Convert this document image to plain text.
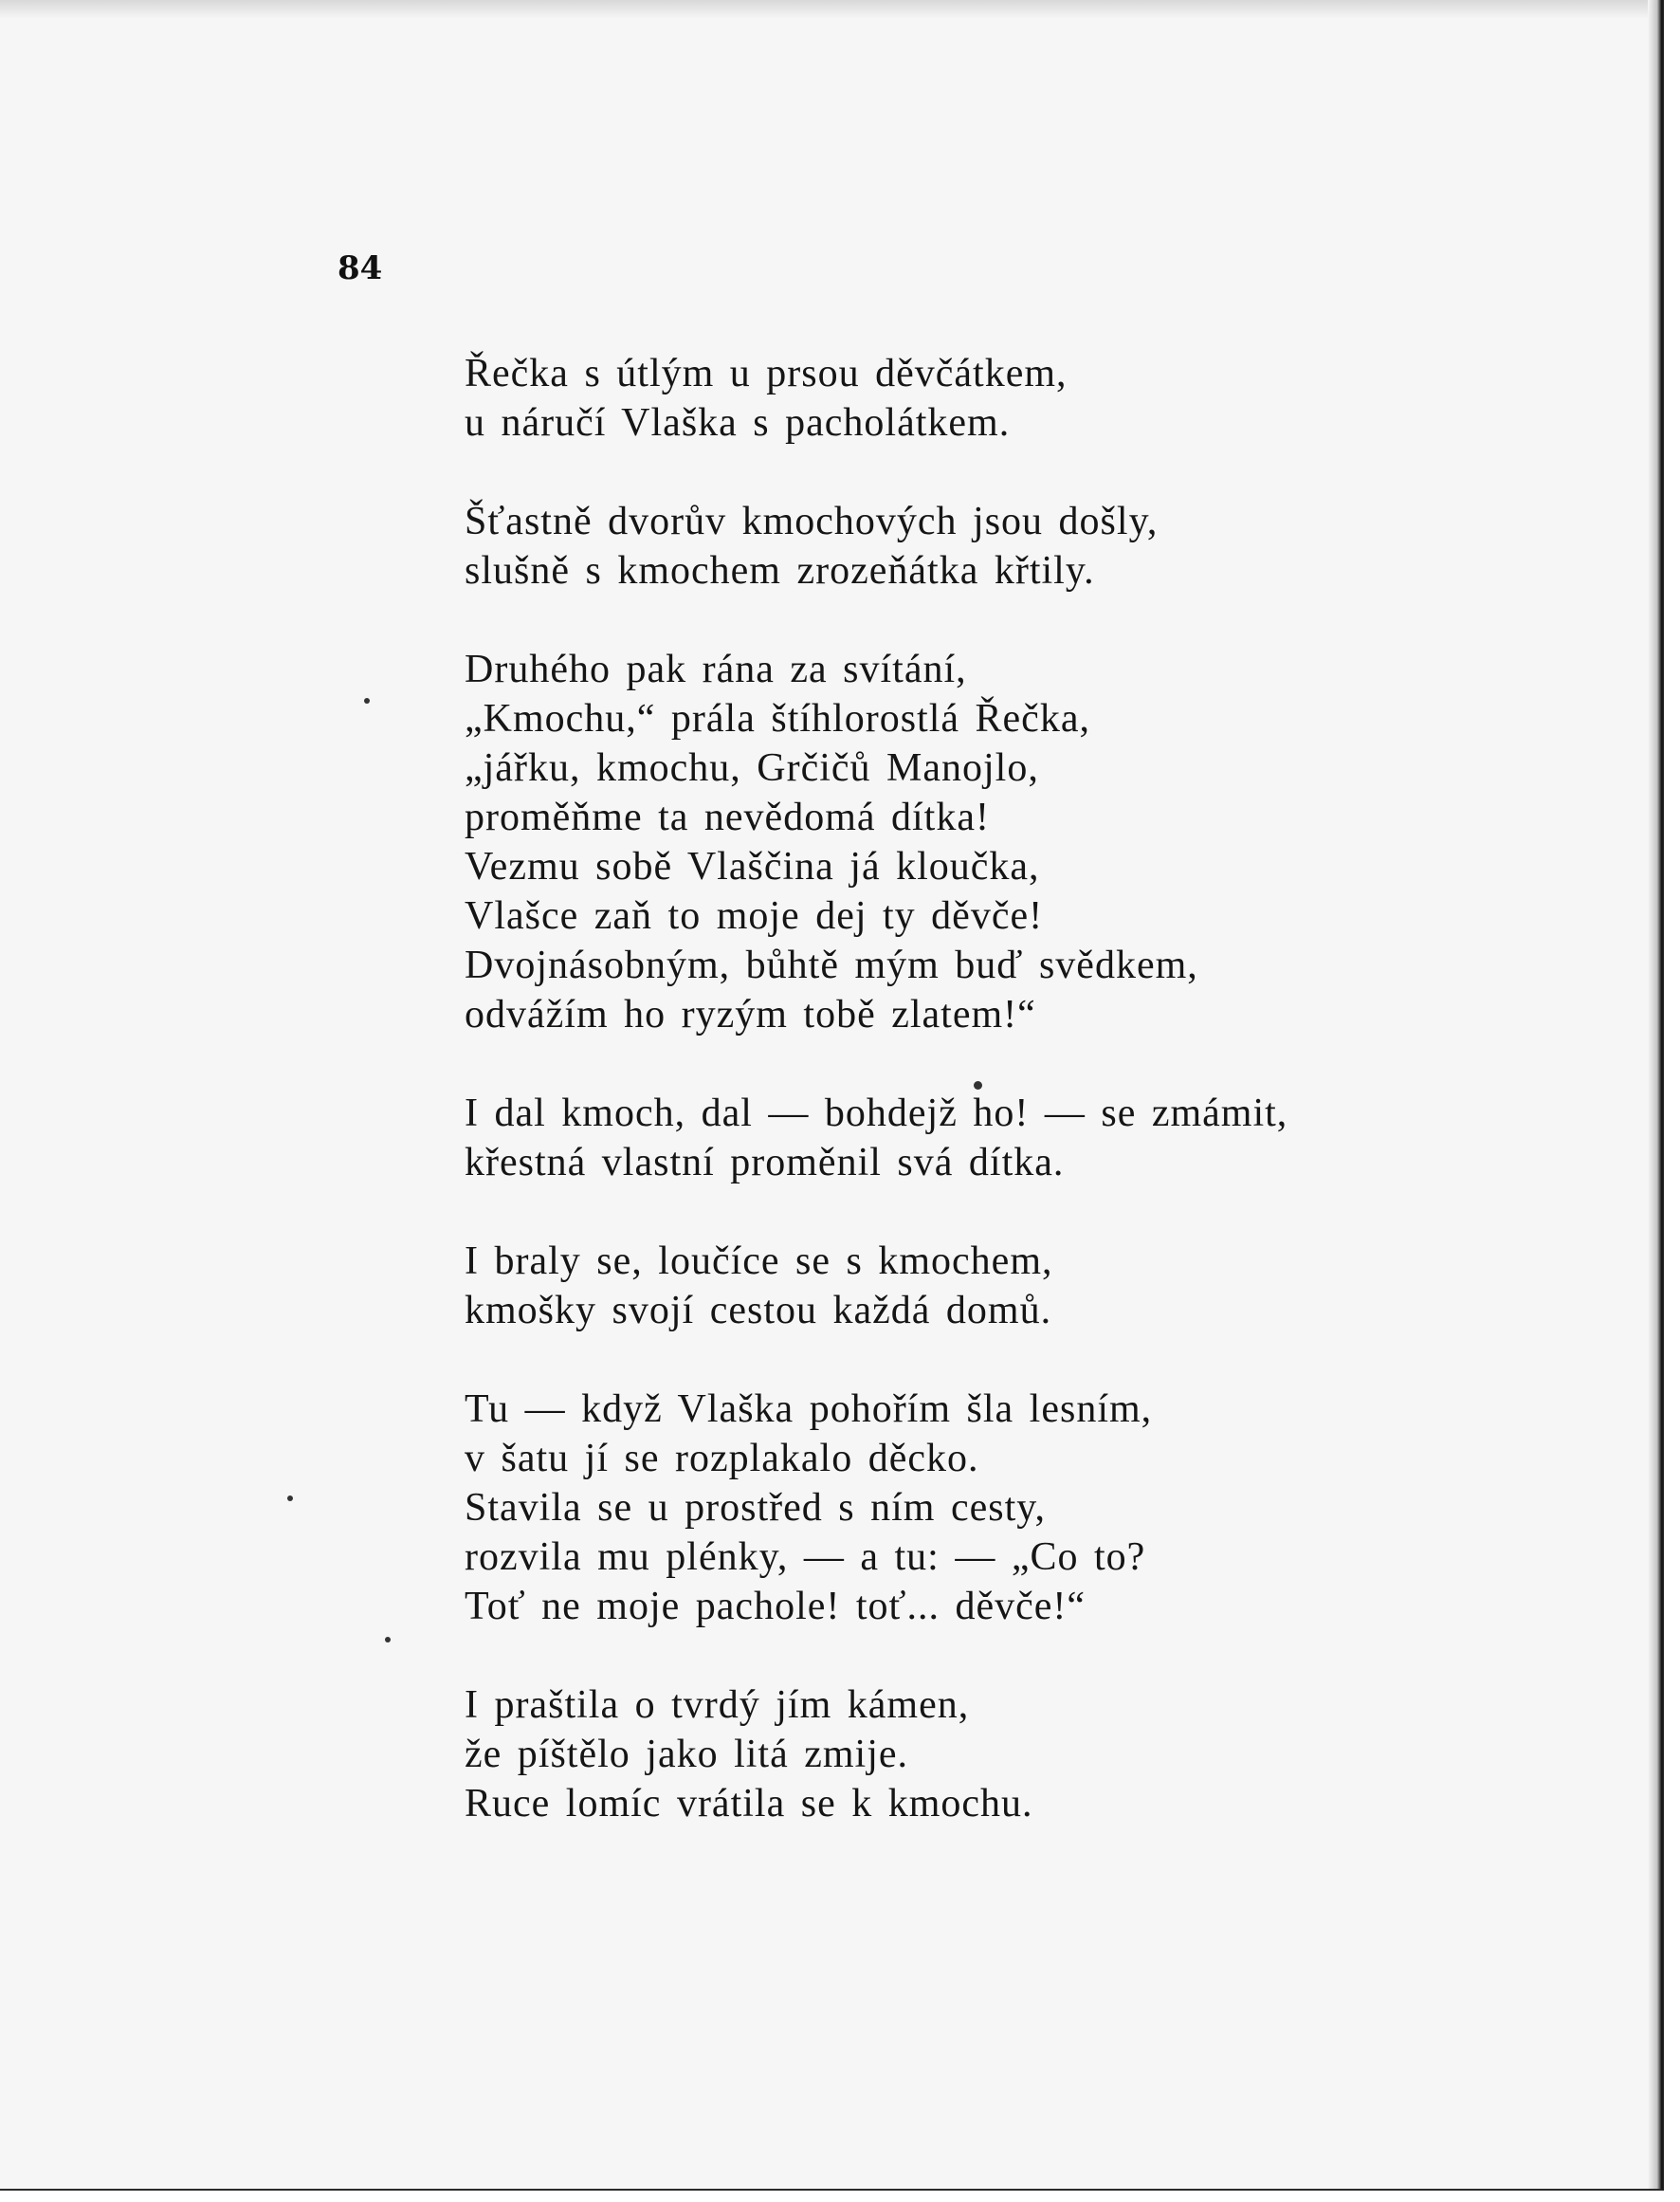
84
Řečka s útlým u prsou děvčátkem,
u náručí Vlaška s pacholátkem.
Šťastně dvorův kmochových jsou došly,
slušně s kmochem zrozeňátka křtily.
Druhého pak rána za svítání,
„Kmochu,“ prála štíhlorostlá Řečka,
„jářku, kmochu, Grčičů Manojlo,
proměňme ta nevědomá dítka!
Vezmu sobě Vlaščina já kloučka,
Vlašce zaň to moje dej ty děvče!
Dvojnásobným, bůhtě mým buď svědkem,
odvážím ho ryzým tobě zlatem!“
I dal kmoch, dal — bohdejž ho! — se zmámit,
křestná vlastní proměnil svá dítka.
I braly se, loučíce se s kmochem,
kmošky svojí cestou každá domů.
Tu — když Vlaška pohořím šla lesním,
v šatu jí se rozplakalo děcko.
Stavila se u prostřed s ním cesty,
rozvila mu plénky, — a tu: — „Co to?
Toť ne moje pachole! toť... děvče!“
I praštila o tvrdý jím kámen,
že píštělo jako litá zmije.
Ruce lomíc vrátila se k kmochu.
